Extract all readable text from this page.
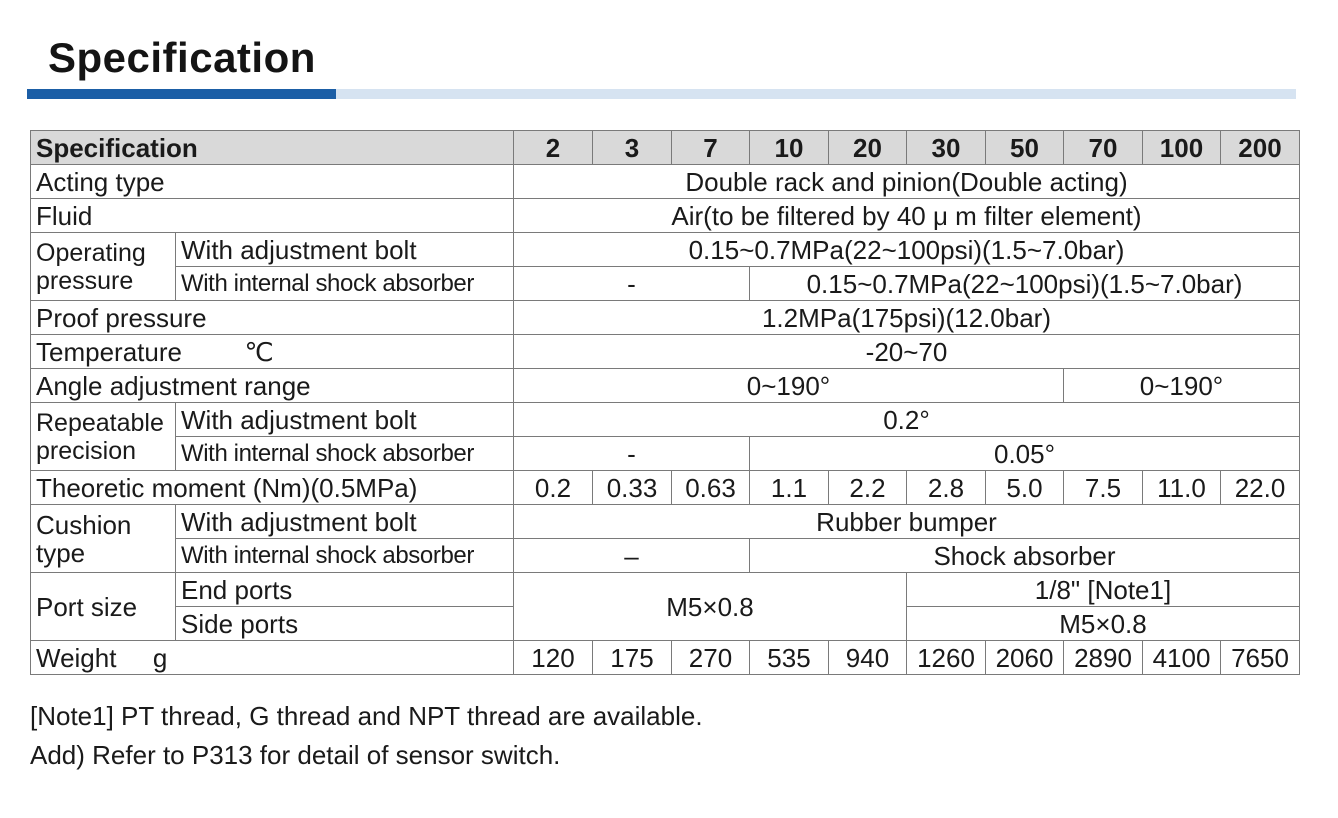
Specification
Specification		2	3	7	10	20	30	50	70	100	200
Acting type		Double rack and pinion(Double acting)									
Fluid		Air(to be filtered by 40 μ m filter element)									

Operating
pressure	With adjustment bolt	0.15~0.7MPa(22~100psi)(1.5~7.0bar)									
	With internal shock absorber	-			0.15~0.7MPa(22~100psi)(1.5~7.0bar)						
Proof pressure		1.2MPa(175psi)(12.0bar)									
Temperature ℃		-20~70									
Angle adjustment range		0~190°							0~190°		

Repeatable
precision	With adjustment bolt	0.2°									
	With internal shock absorber	-			0.05°						
Theoretic moment (Nm)(0.5MPa)		0.2	0.33	0.63	1.1	2.2	2.8	5.0	7.5	11.0	22.0

Cushion
type	With adjustment bolt	Rubber bumper									
	With internal shock absorber	–			Shock absorber						
Port size	End ports	M5×0.8					1/8" [Note1]				
	Side ports						M5×0.8				
Weight g		120	175	270	535	940	1260	2060	2890	4100	7650
[Note1] PT thread, G thread and NPT thread are available.
Add) Refer to P313 for detail of sensor switch.
